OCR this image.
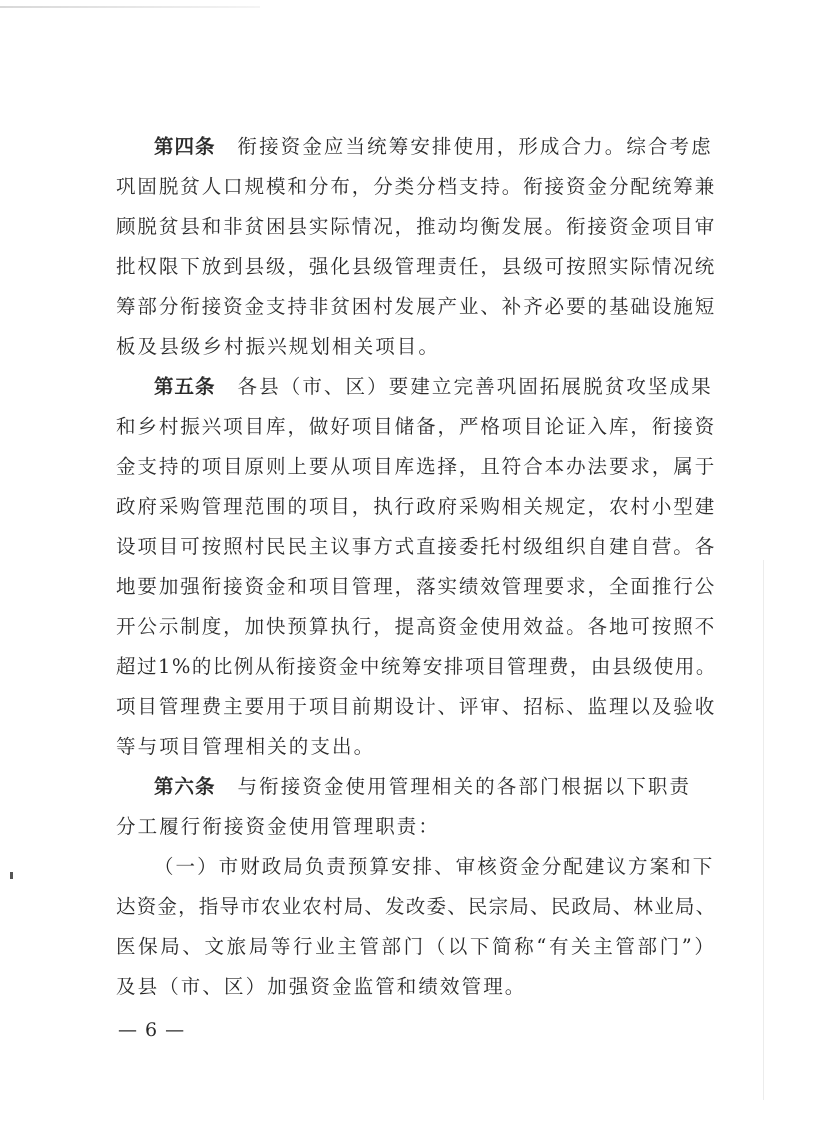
第四条 衔接资金应当统筹安排使用，形成合力。综合考虑
巩固脱贫人口规模和分布，分类分档支持。衔接资金分配统筹兼
顾脱贫县和非贫困县实际情况，推动均衡发展。衔接资金项目审
批权限下放到县级，强化县级管理责任，县级可按照实际情况统
筹部分衔接资金支持非贫困村发展产业、补齐必要的基础设施短
板及县级乡村振兴规划相关项目。
第五条 各县（市、区）要建立完善巩固拓展脱贫攻坚成果
和乡村振兴项目库，做好项目储备，严格项目论证入库，衔接资
金支持的项目原则上要从项目库选择，且符合本办法要求，属于
政府采购管理范围的项目，执行政府采购相关规定，农村小型建
设项目可按照村民民主议事方式直接委托村级组织自建自营。各
地要加强衔接资金和项目管理，落实绩效管理要求，全面推行公
开公示制度，加快预算执行，提高资金使用效益。各地可按照不
超过1%的比例从衔接资金中统筹安排项目管理费，由县级使用。
项目管理费主要用于项目前期设计、评审、招标、监理以及验收
等与项目管理相关的支出。
第六条 与衔接资金使用管理相关的各部门根据以下职责
分工履行衔接资金使用管理职责：
（一）市财政局负责预算安排、审核资金分配建议方案和下
达资金，指导市农业农村局、发改委、民宗局、民政局、林业局、
医保局、文旅局等行业主管部门（以下简称“有关主管部门”）
及县（市、区）加强资金监管和绩效管理。
— 6 —
